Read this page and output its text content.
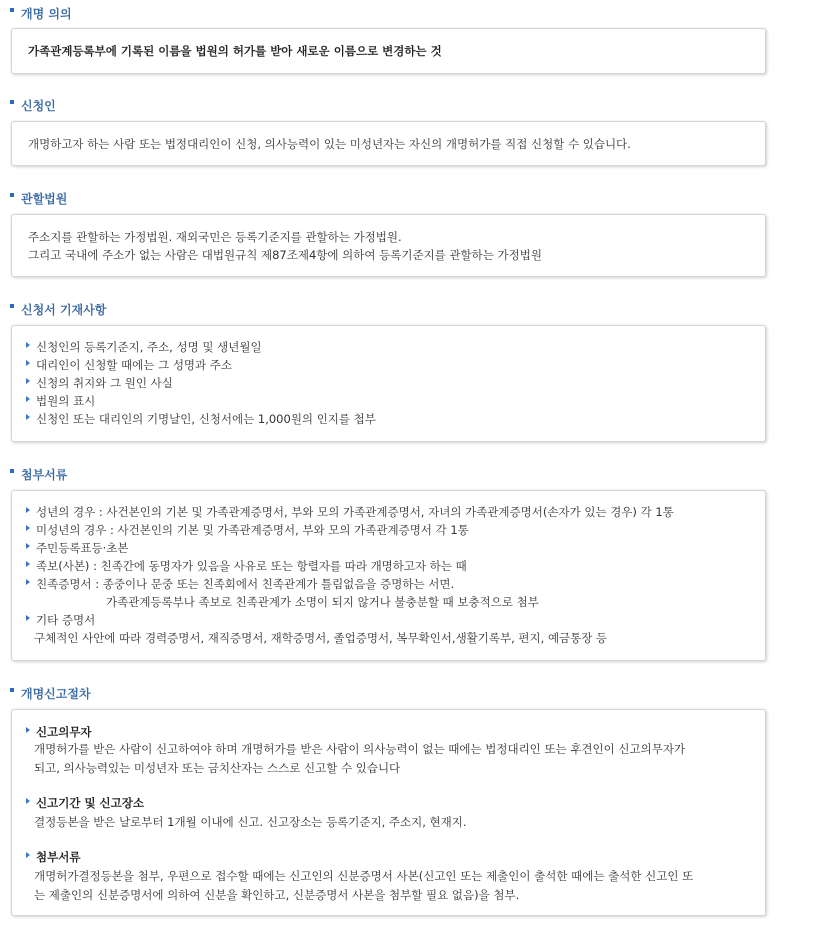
개명 의의
가족관계등록부에 기록된 이름을 법원의 허가를 받아 새로운 이름으로 변경하는 것
신청인
개명하고자 하는 사람 또는 법정대리인이 신청, 의사능력이 있는 미성년자는 자신의 개명허가를 직접 신청할 수 있습니다.
관할법원
주소지를 관할하는 가정법원. 재외국민은 등록기준지를 관할하는 가정법원.
그리고 국내에 주소가 없는 사람은 대법원규칙 제87조제4항에 의하여 등록기준지를 관할하는 가정법원
신청서 기재사항
신청인의 등록기준지, 주소, 성명 및 생년월일
대리인이 신청할 때에는 그 성명과 주소
신청의 취지와 그 원인 사실
법원의 표시
신청인 또는 대리인의 기명날인, 신청서에는 1,000원의 인지를 첩부
첨부서류
성년의 경우 : 사건본인의 기본 및 가족관계증명서, 부와 모의 가족관계증명서, 자녀의 가족관계증명서(손자가 있는 경우) 각 1통
미성년의 경우 : 사건본인의 기본 및 가족관계증명서, 부와 모의 가족관계증명서 각 1통
주민등록표등·초본
족보(사본) : 친족간에 동명자가 있음을 사유로 또는 항렬자를 따라 개명하고자 하는 때
친족증명서 : 종중이나 문중 또는 친족회에서 친족관계가 틀림없음을 증명하는 서면.
가족관계등록부나 족보로 친족관계가 소명이 되지 않거나 불충분할 때 보충적으로 첨부
기타 증명서
구체적인 사안에 따라 경력증명서, 재직증명서, 재학증명서, 졸업증명서, 복무확인서,생활기록부, 편지, 예금통장 등
개명신고절차
신고의무자
개명허가를 받은 사람이 신고하여야 하며 개명허가를 받은 사람이 의사능력이 없는 때에는 법정대리인 또는 후견인이 신고의무자가
되고, 의사능력있는 미성년자 또는 금치산자는 스스로 신고할 수 있습니다
신고기간 및 신고장소
결정등본을 받은 날로부터 1개월 이내에 신고. 신고장소는 등록기준지, 주소지, 현재지.
첨부서류
개명허가결정등본을 첨부, 우편으로 접수할 때에는 신고인의 신분증명서 사본(신고인 또는 제출인이 출석한 때에는 출석한 신고인 또
는 제출인의 신분증명서에 의하여 신분을 확인하고, 신분증명서 사본을 첨부할 필요 없음)을 첨부.
